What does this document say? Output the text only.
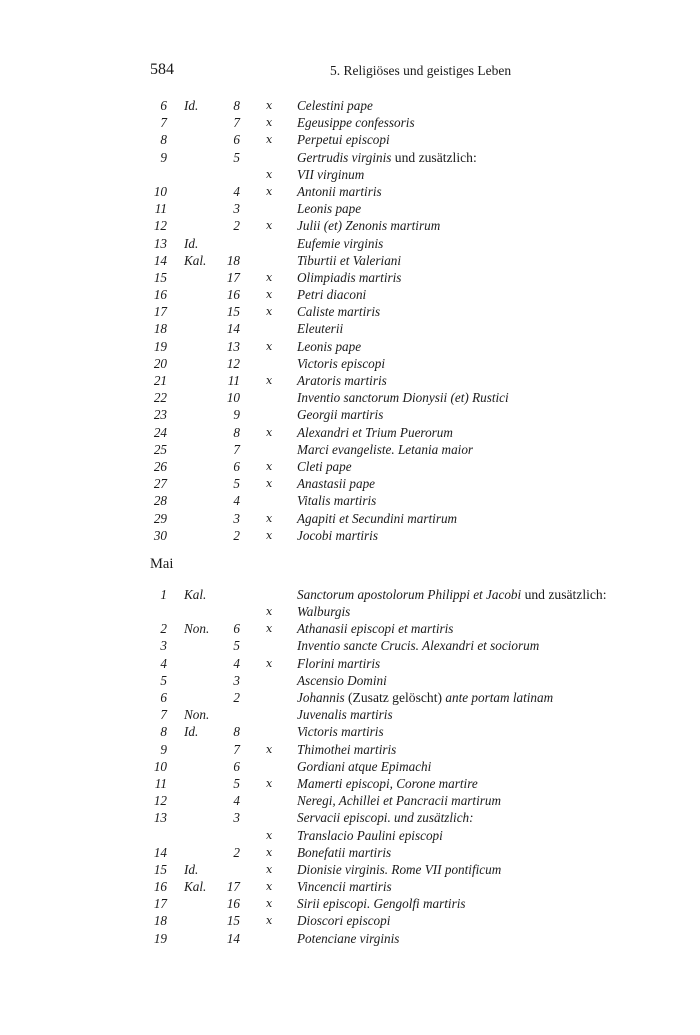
584	5. Religiöses und geistiges Leben
6 Id.	8 x Celestini pape
7	7 x Egeusippe confessoris
8	6 x Perpetui episcopi
9	5	Gertrudis virginis und zusätzlich:
x VII virginum
10	4 x Antonii martiris
11	3	Leonis pape
12	2 x Julii (et) Zenonis martirum
13 Id.	Eufemie virginis
14 Kal.	18	Tiburtii et Valeriani
15	17 x Olimpiadis martiris
16	16 x Petri diaconi
17	15 x Caliste martiris
18	14	Eleuterii
19	13 x Leonis pape
20	12	Victoris episcopi
21	11 x Aratoris martiris
22	10	Inventio sanctorum Dionysii (et) Rustici
23	9	Georgii martiris
24	8 x Alexandri et Trium Puerorum
25	7	Marci evangeliste. Letania maior
26	6 x Cleti pape
27	5 x Anastasii pape
28	4	Vitalis martiris
29	3 x Agapiti et Secundini martirum
30	2 x Jocobi martiris
Mai
1 Kal.	Sanctorum apostolorum Philippi et Jacobi und zusätzlich:
x Walburgis
2 Non.	6 x Athanasii episcopi et martiris
3	5	Inventio sancte Crucis. Alexandri et sociorum
4	4 x Florini martiris
5	3	Ascensio Domini
6	2	Johannis (Zusatz gelöscht) ante portam latinam
7 Non.	Juvenalis martiris
8 Id.	8	Victoris martiris
9	7 x Thimothei martiris
10	6	Gordiani atque Epimachi
11	5 x Mamerti episcopi, Corone martire
12	4	Neregi, Achillei et Pancracii martirum
13	3	Servacii episcopi. und zusätzlich:
x Translacio Paulini episcopi
14	2 x Bonefatii martiris
15 Id.	x Dionisie virginis. Rome VII pontificum
16 Kal.	17 x Vincencii martiris
17	16 x Sirii episcopi. Gengolfi martiris
18	15 x Dioscori episcopi
19	14	Potenciane virginis
